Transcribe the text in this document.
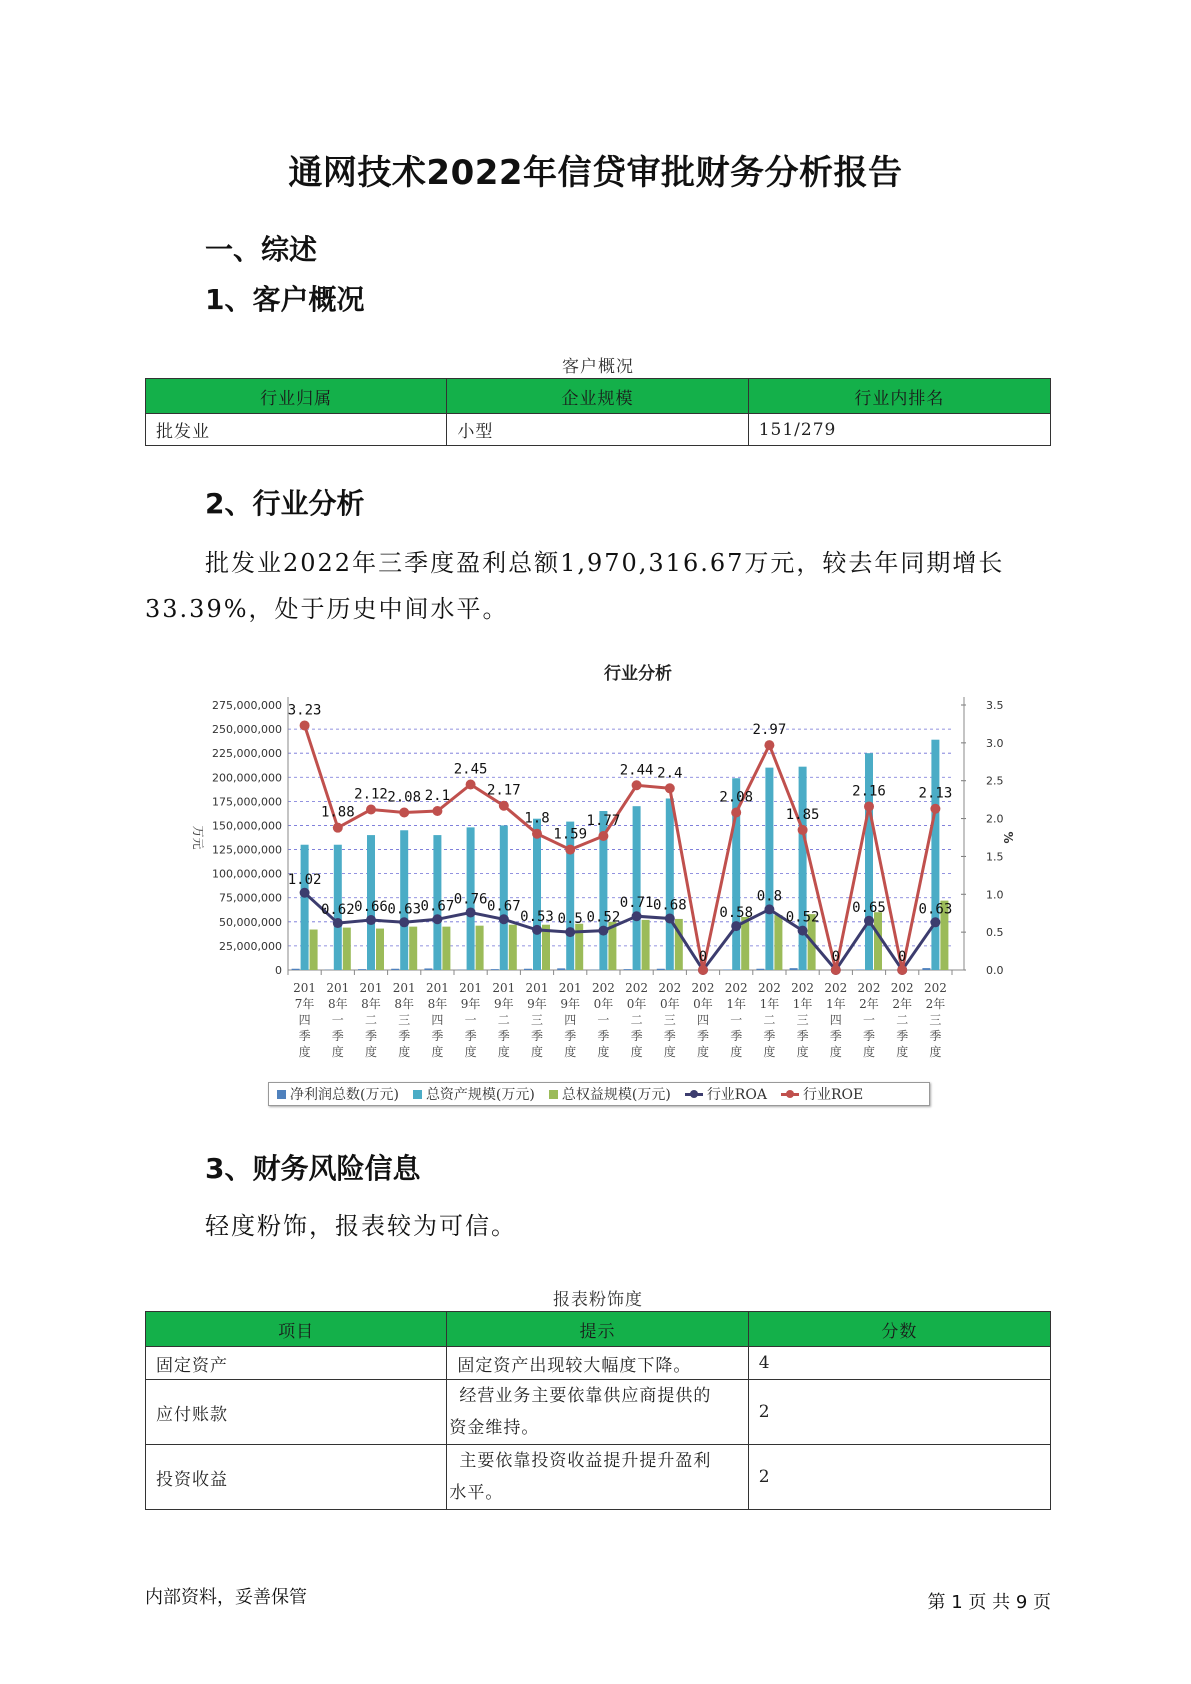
通网技术2022年信贷审批财务分析报告
一、综述
1、客户概况
客户概况
行业归属	企业规模	行业内排名
批发业	小型	151/279
2、行业分析
批发业2022年三季度盈利总额1,970,316.67万元，较去年同期增长
33.39%，处于历史中间水平。
行业分析
275,000,000
250,000,000
225,000,000
200,000,000
175,000,000
150,000,000
125,000,000
100,000,000
75,000,000
50,000,000
25,000,000
0
3.5
3.0
2.5
2.0
1.5
1.0
0.5
0.0
万元	%
1.02
0.62 0.66 0.63 0.67 0.76 0.67
0.53 0.5 0.52
0.71 0.68
0
0.58
0.8
0.52
0
0.65
0
0.63
3.23
1.88
2.12 2.08 2.1
2.45
2.17
1.8
1.59
1.77
2.44 2.4
2.08
2.97
1.85
2.16 2.13
201
7年
四
季
度
201
8年
一
季
度
201
8年
二
季
度
201
8年
三
季
度
201
8年
四
季
度
201
9年
一
季
度
201
9年
二
季
度
201
9年
三
季
度
201
9年
四
季
度
202
0年
一
季
度
202
0年
二
季
度
202
0年
三
季
度
202
0年
四
季
度
202
1年
一
季
度
202
1年
二
季
度
202
1年
三
季
度
202
1年
四
季
度
202
2年
一
季
度
202
2年
二
季
度
202
2年
三
季
度
净利润总数(万元) 总资产规模(万元) 总权益规模(万元)	行业ROA	行业ROE
3、财务风险信息
轻度粉饰，报表较为可信。
报表粉饰度
项目	提示	分数
固定资产	固定资产出现较大幅度下降。	4
应付账款	经营业务主要依靠供应商提供的
资金维持。	2
投资收益	主要依靠投资收益提升提升盈利
水平。	2
内部资料，妥善保管	第 1 页 共 9 页
